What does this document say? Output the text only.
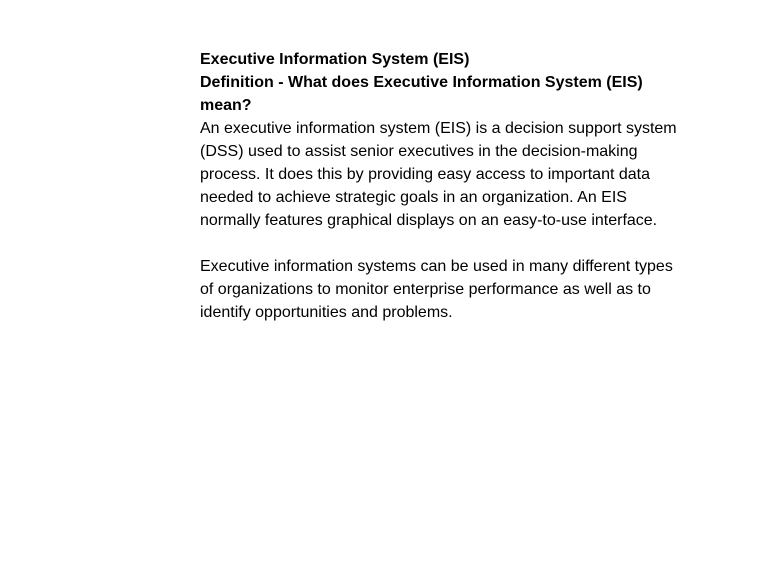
Executive Information System (EIS)

Definition - What does Executive Information System (EIS) mean?

An executive information system (EIS) is a decision support system (DSS) used to assist senior executives in the decision-making process. It does this by providing easy access to important data needed to achieve strategic goals in an organization. An EIS normally features graphical displays on an easy-to-use interface.

Executive information systems can be used in many different types of organizations to monitor enterprise performance as well as to identify opportunities and problems.
